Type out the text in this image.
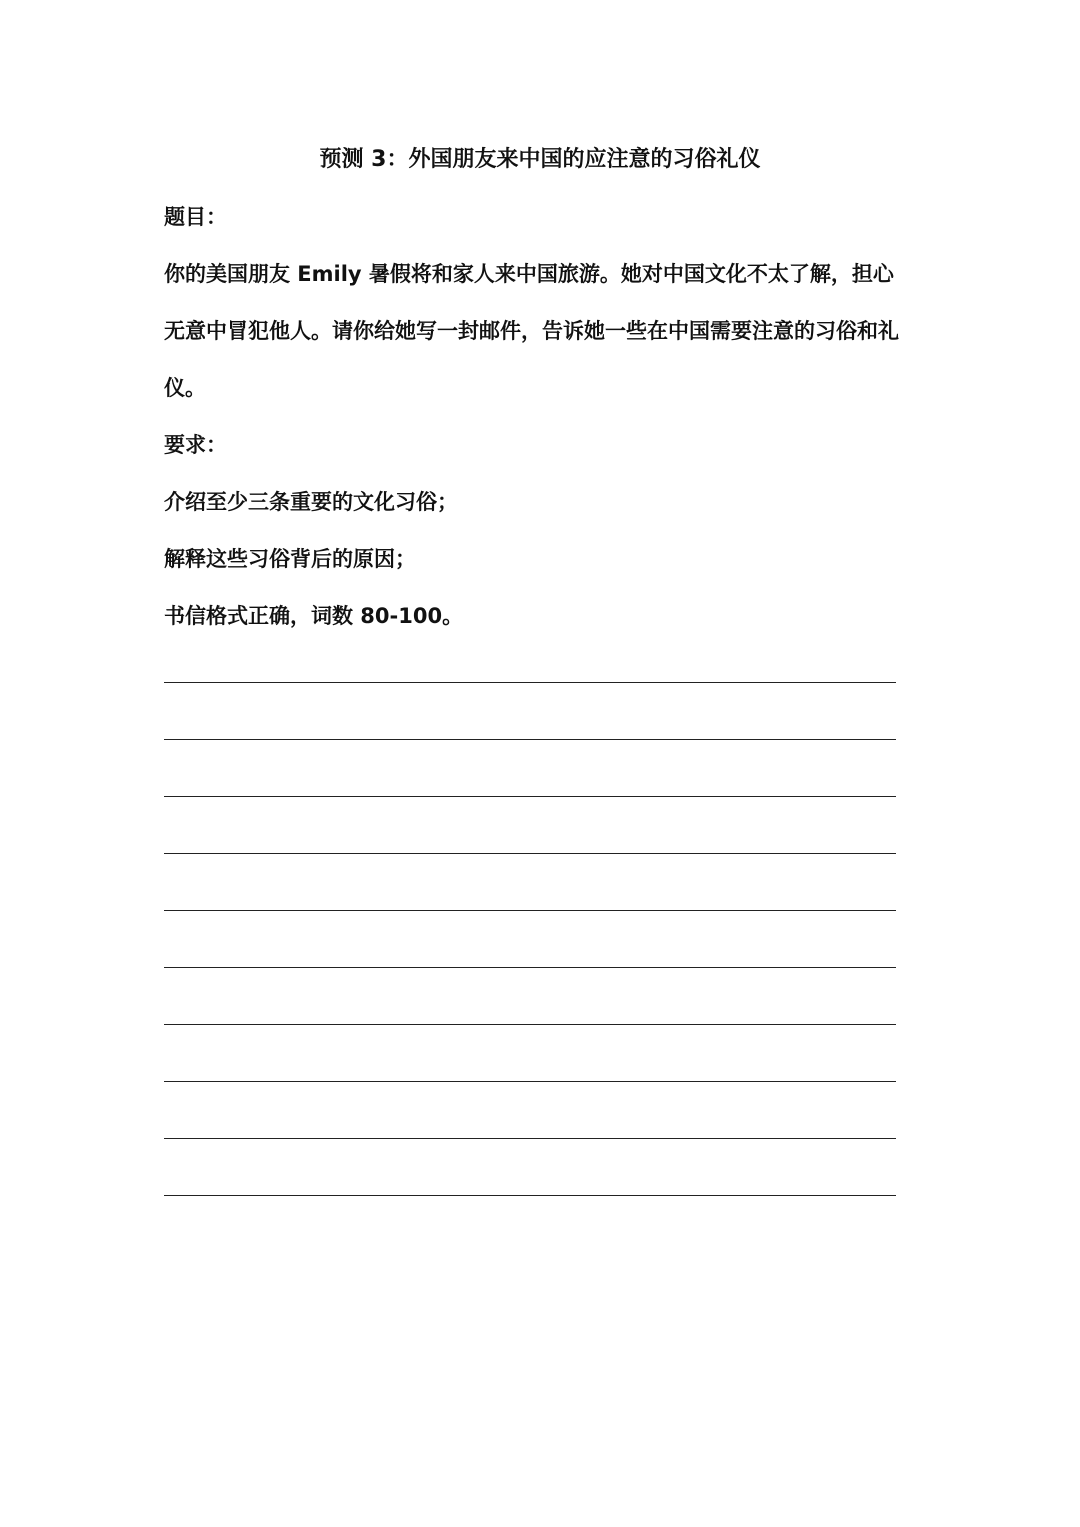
预测 3：外国朋友来中国的应注意的习俗礼仪
题目：
你的美国朋友 Emily 暑假将和家人来中国旅游。她对中国文化不太了解，担心
无意中冒犯他人。请你给她写一封邮件，告诉她一些在中国需要注意的习俗和礼
仪。
要求：
介绍至少三条重要的文化习俗；
解释这些习俗背后的原因；
书信格式正确，词数 80-100。
